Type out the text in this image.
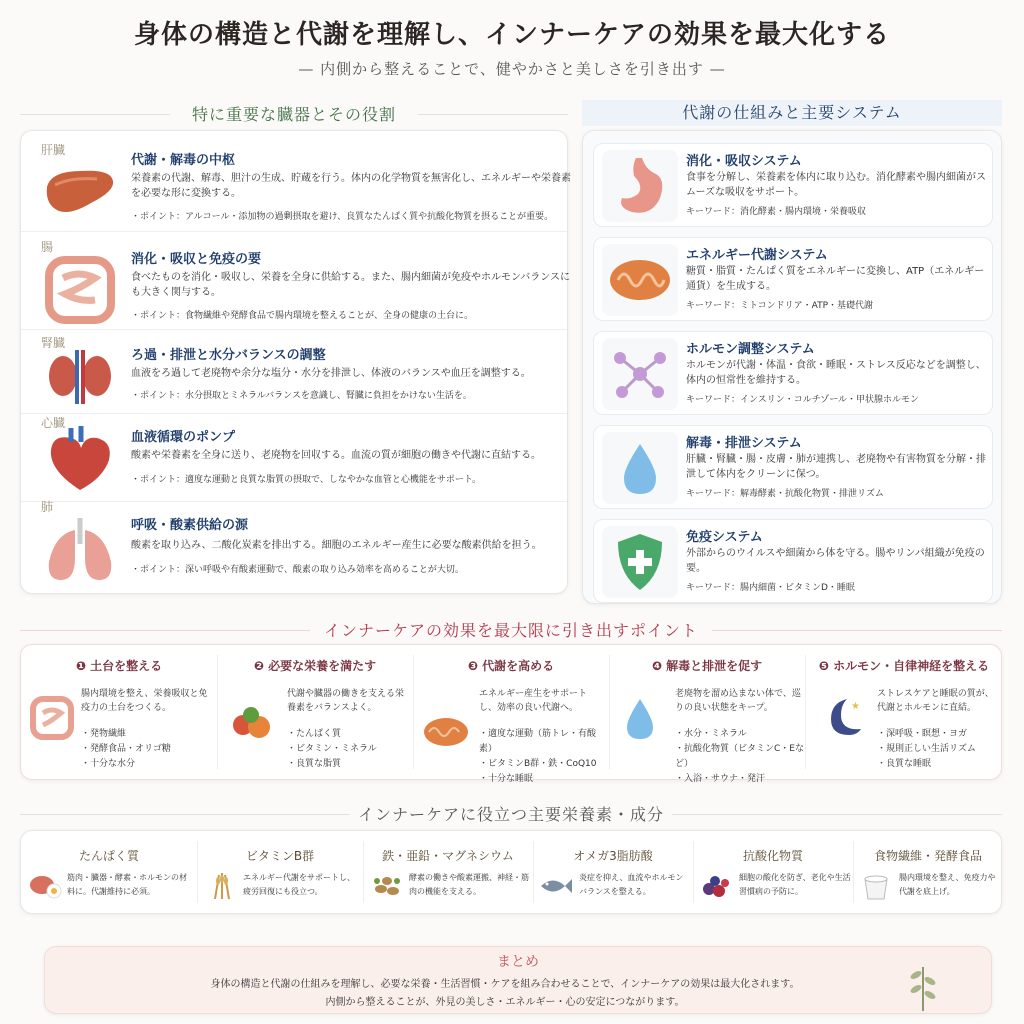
身体の構造と代謝を理解し、インナーケアの効果を最大化する
— 内側から整えることで、健やかさと美しさを引き出す —
特に重要な臓器とその役割
肝臓
代謝・解毒の中枢
栄養素の代謝、解毒、胆汁の生成、貯蔵を行う。体内の化学物質を無害化し、エネルギーや栄養素を必要な形に変換する。
・ポイント：アルコール・添加物の過剰摂取を避け、良質なたんぱく質や抗酸化物質を摂ることが重要。
腸
消化・吸収と免疫の要
食べたものを消化・吸収し、栄養を全身に供給する。また、腸内細菌が免疫やホルモンバランスにも大きく関与する。
・ポイント：食物繊維や発酵食品で腸内環境を整えることが、全身の健康の土台に。
腎臓
ろ過・排泄と水分バランスの調整
血液をろ過して老廃物や余分な塩分・水分を排泄し、体液のバランスや血圧を調整する。
・ポイント：水分摂取とミネラルバランスを意識し、腎臓に負担をかけない生活を。
心臓
血液循環のポンプ
酸素や栄養素を全身に送り、老廃物を回収する。血流の質が細胞の働きや代謝に直結する。
・ポイント：適度な運動と良質な脂質の摂取で、しなやかな血管と心機能をサポート。
肺
呼吸・酸素供給の源
酸素を取り込み、二酸化炭素を排出する。細胞のエネルギー産生に必要な酸素供給を担う。
・ポイント：深い呼吸や有酸素運動で、酸素の取り込み効率を高めることが大切。
代謝の仕組みと主要システム
消化・吸収システム
食事を分解し、栄養素を体内に取り込む。消化酵素や腸内細菌がスムーズな吸収をサポート。
キーワード：消化酵素・腸内環境・栄養吸収
エネルギー代謝システム
糖質・脂質・たんぱく質をエネルギーに変換し、ATP（エネルギー通貨）を生成する。
キーワード：ミトコンドリア・ATP・基礎代謝
ホルモン調整システム
ホルモンが代謝・体温・食欲・睡眠・ストレス反応などを調整し、体内の恒常性を維持する。
キーワード：インスリン・コルチゾール・甲状腺ホルモン
解毒・排泄システム
肝臓・腎臓・腸・皮膚・肺が連携し、老廃物や有害物質を分解・排泄して体内をクリーンに保つ。
キーワード：解毒酵素・抗酸化物質・排泄リズム
免疫システム
外部からのウイルスや細菌から体を守る。腸やリンパ組織が免疫の要。
キーワード：腸内細菌・ビタミンD・睡眠
インナーケアの効果を最大限に引き出すポイント
❶ 土台を整える
腸内環境を整え、栄養吸収と免疫力の土台をつくる。
・発物繊維
・発酵食品・オリゴ糖
・十分な水分
❷ 必要な栄養を満たす
代謝や臓器の働きを支える栄養素をバランスよく。
・たんぱく質
・ビタミン・ミネラル
・良質な脂質
❸ 代謝を高める
エネルギー産生をサポートし、効率の良い代謝へ。
・適度な運動（筋トレ・有酸素）
・ビタミンB群・鉄・CoQ10
・十分な睡眠
❹ 解毒と排泄を促す
老廃物を溜め込まない体で、巡りの良い状態をキープ。
・水分・ミネラル
・抗酸化物質（ビタミンC・Eなど）
・入浴・サウナ・発汗
❺ ホルモン・自律神経を整える
★
ストレスケアと睡眠の質が、代謝とホルモンに直結。
・深呼吸・瞑想・ヨガ
・規則正しい生活リズム
・良質な睡眠
インナーケアに役立つ主要栄養素・成分
たんぱく質
筋肉・臓器・酵素・ホルモンの材料に。代謝維持に必須。
ビタミンB群
エネルギー代謝をサポートし、疲労回復にも役立つ。
鉄・亜鉛・マグネシウム
酵素の働きや酸素運搬、神経・筋肉の機能を支える。
オメガ3脂肪酸
炎症を抑え、血流やホルモンバランスを整える。
抗酸化物質
細胞の酸化を防ぎ、老化や生活習慣病の予防に。
食物繊維・発酵食品
腸内環境を整え、免疫力や代謝を底上げ。
まとめ
身体の構造と代謝の仕組みを理解し、必要な栄養・生活習慣・ケアを組み合わせることで、インナーケアの効果は最大化されます。
内側から整えることが、外見の美しさ・エネルギー・心の安定につながります。
